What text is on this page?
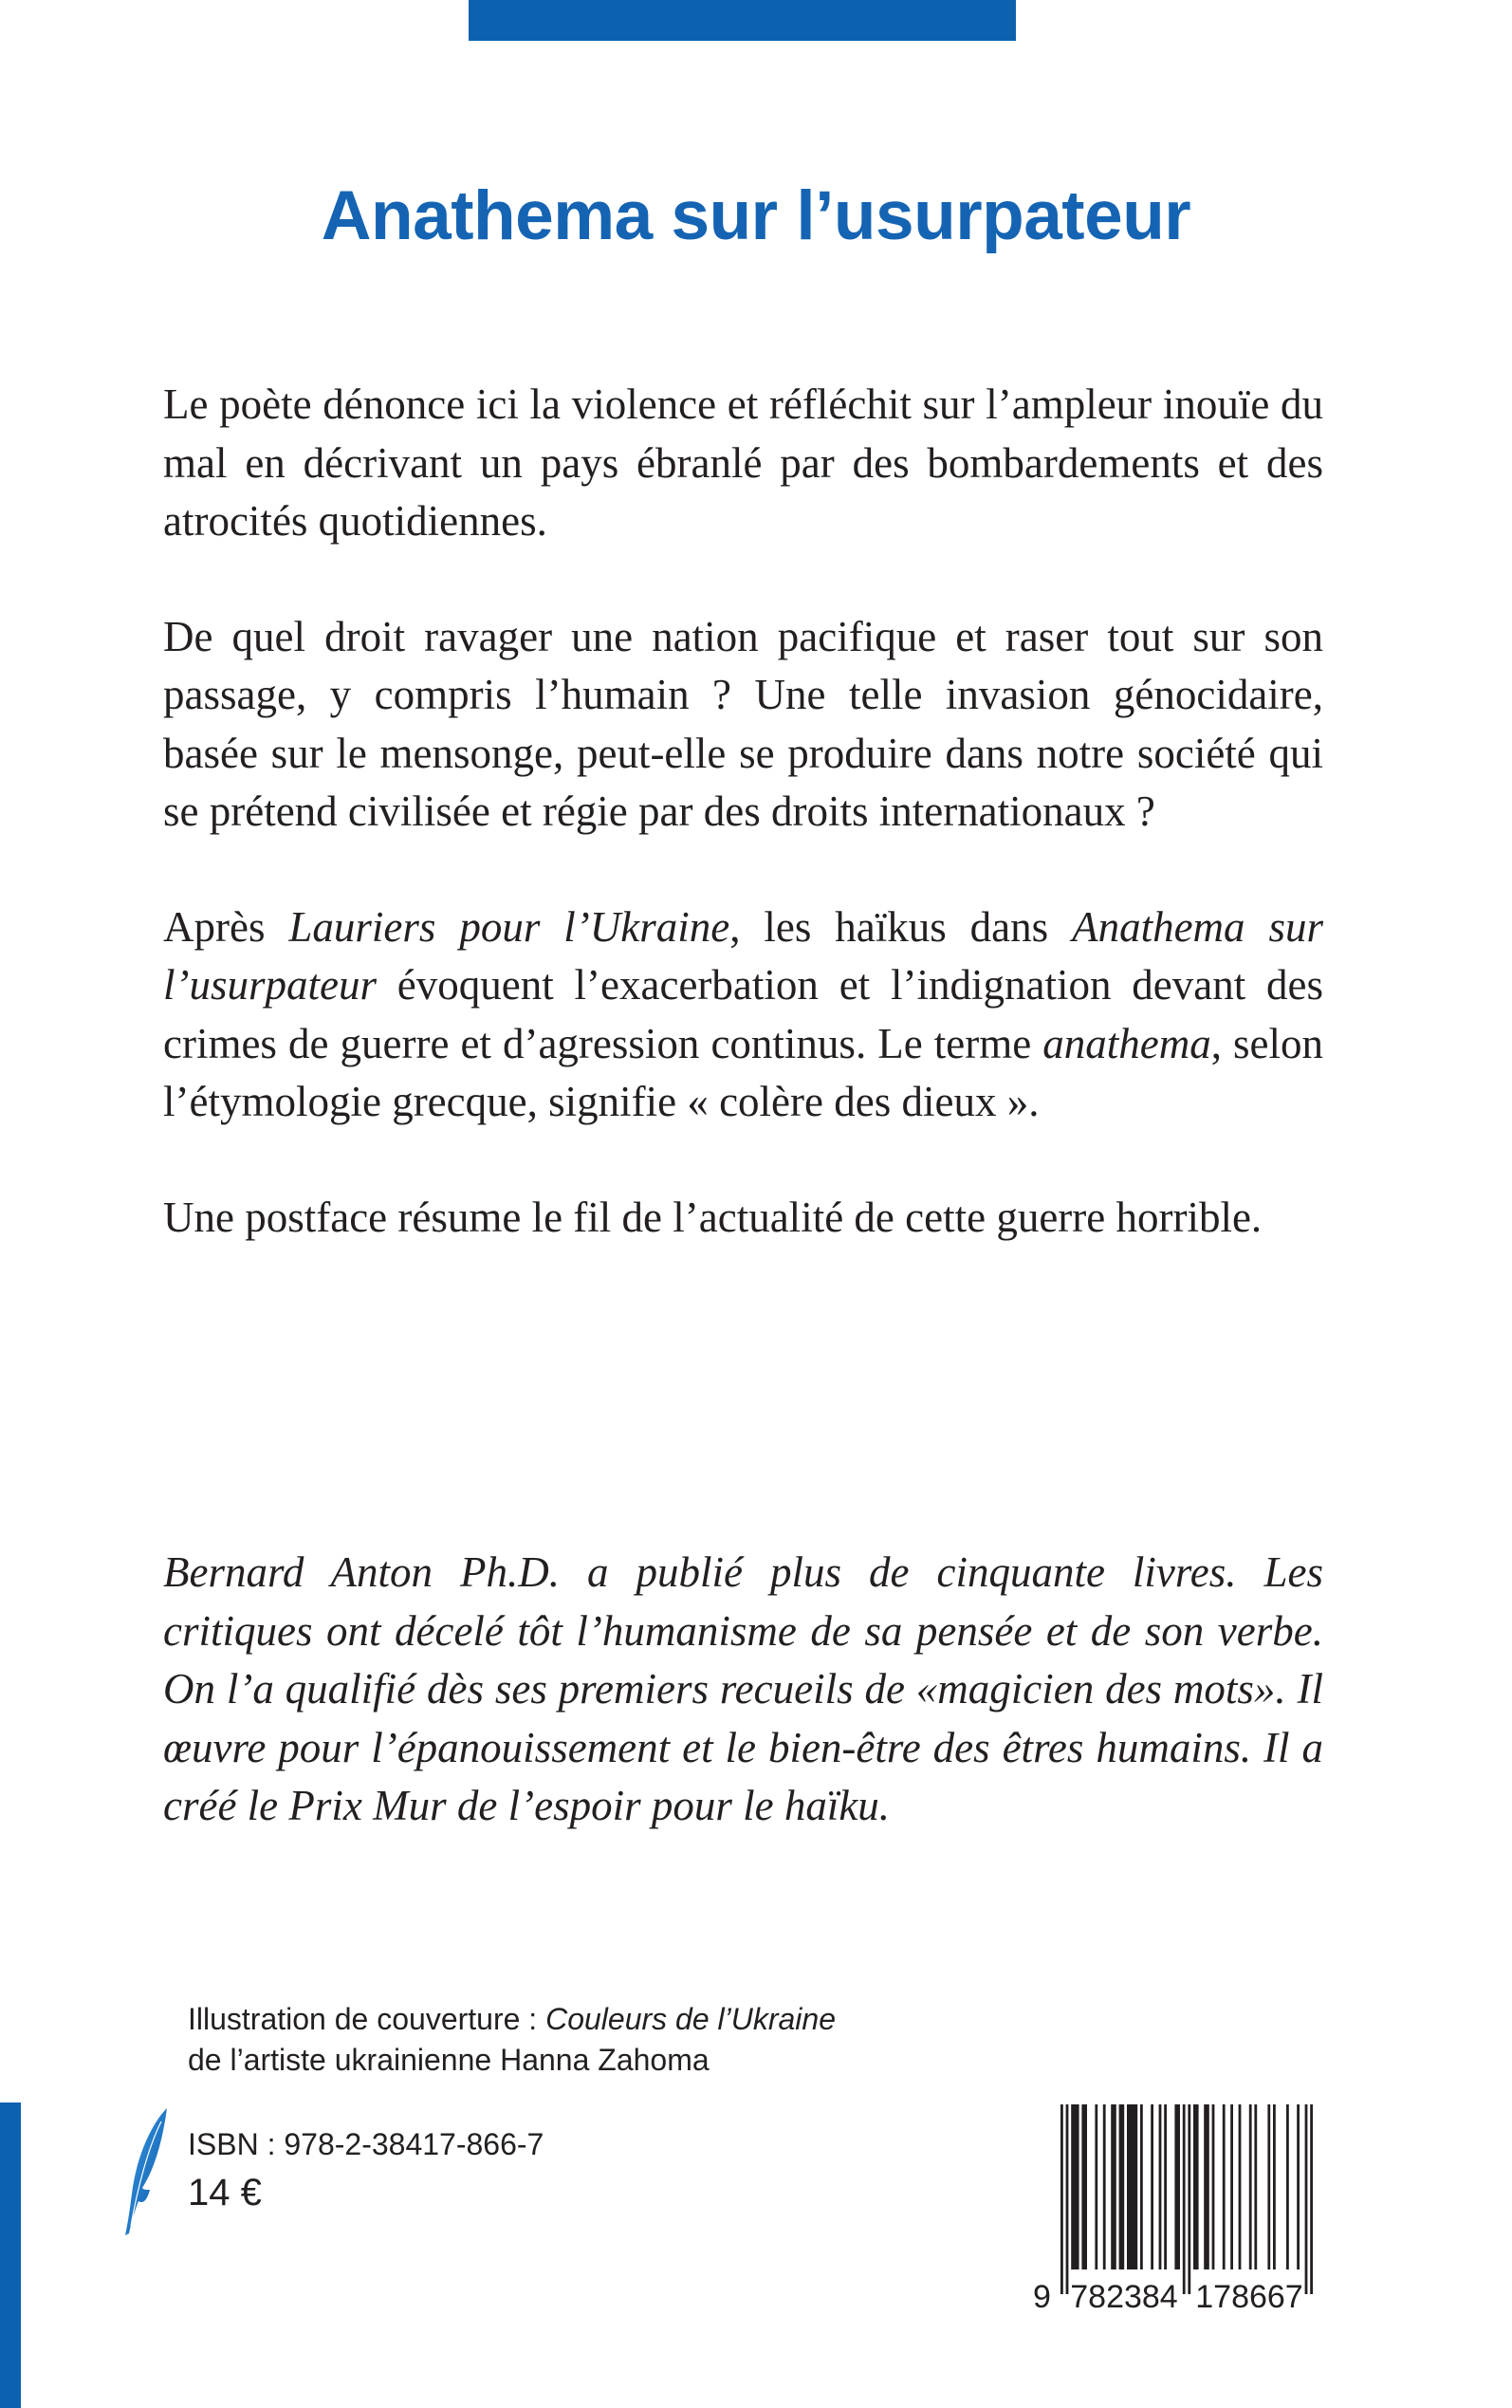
Anathema sur l’usurpateur

Le poète dénonce ici la violence et réfléchit sur l’ampleur inouïe du mal en décrivant un pays ébranlé par des bombardements et des atrocités quotidiennes.

De quel droit ravager une nation pacifique et raser tout sur son passage, y compris l’humain ? Une telle invasion génocidaire, basée sur le mensonge, peut-elle se produire dans notre société qui se prétend civilisée et régie par des droits internationaux ?

Après Lauriers pour l’Ukraine, les haïkus dans Anathema sur l’usurpateur évoquent l’exacerbation et l’indignation devant des crimes de guerre et d’agression continus. Le terme anathema, selon l’étymologie grecque, signifie « colère des dieux ».

Une postface résume le fil de l’actualité de cette guerre horrible.

Bernard Anton Ph.D. a publié plus de cinquante livres. Les critiques ont décelé tôt l’humanisme de sa pensée et de son verbe. On l’a qualifié dès ses premiers recueils de «magicien des mots». Il œuvre pour l’épanouissement et le bien-être des êtres humains. Il a créé le Prix Mur de l’espoir pour le haïku.

Illustration de couverture : Couleurs de l’Ukraine
de l’artiste ukrainienne Hanna Zahoma
ISBN : 978-2-38417-866-7
14 €
9 782384 178667
